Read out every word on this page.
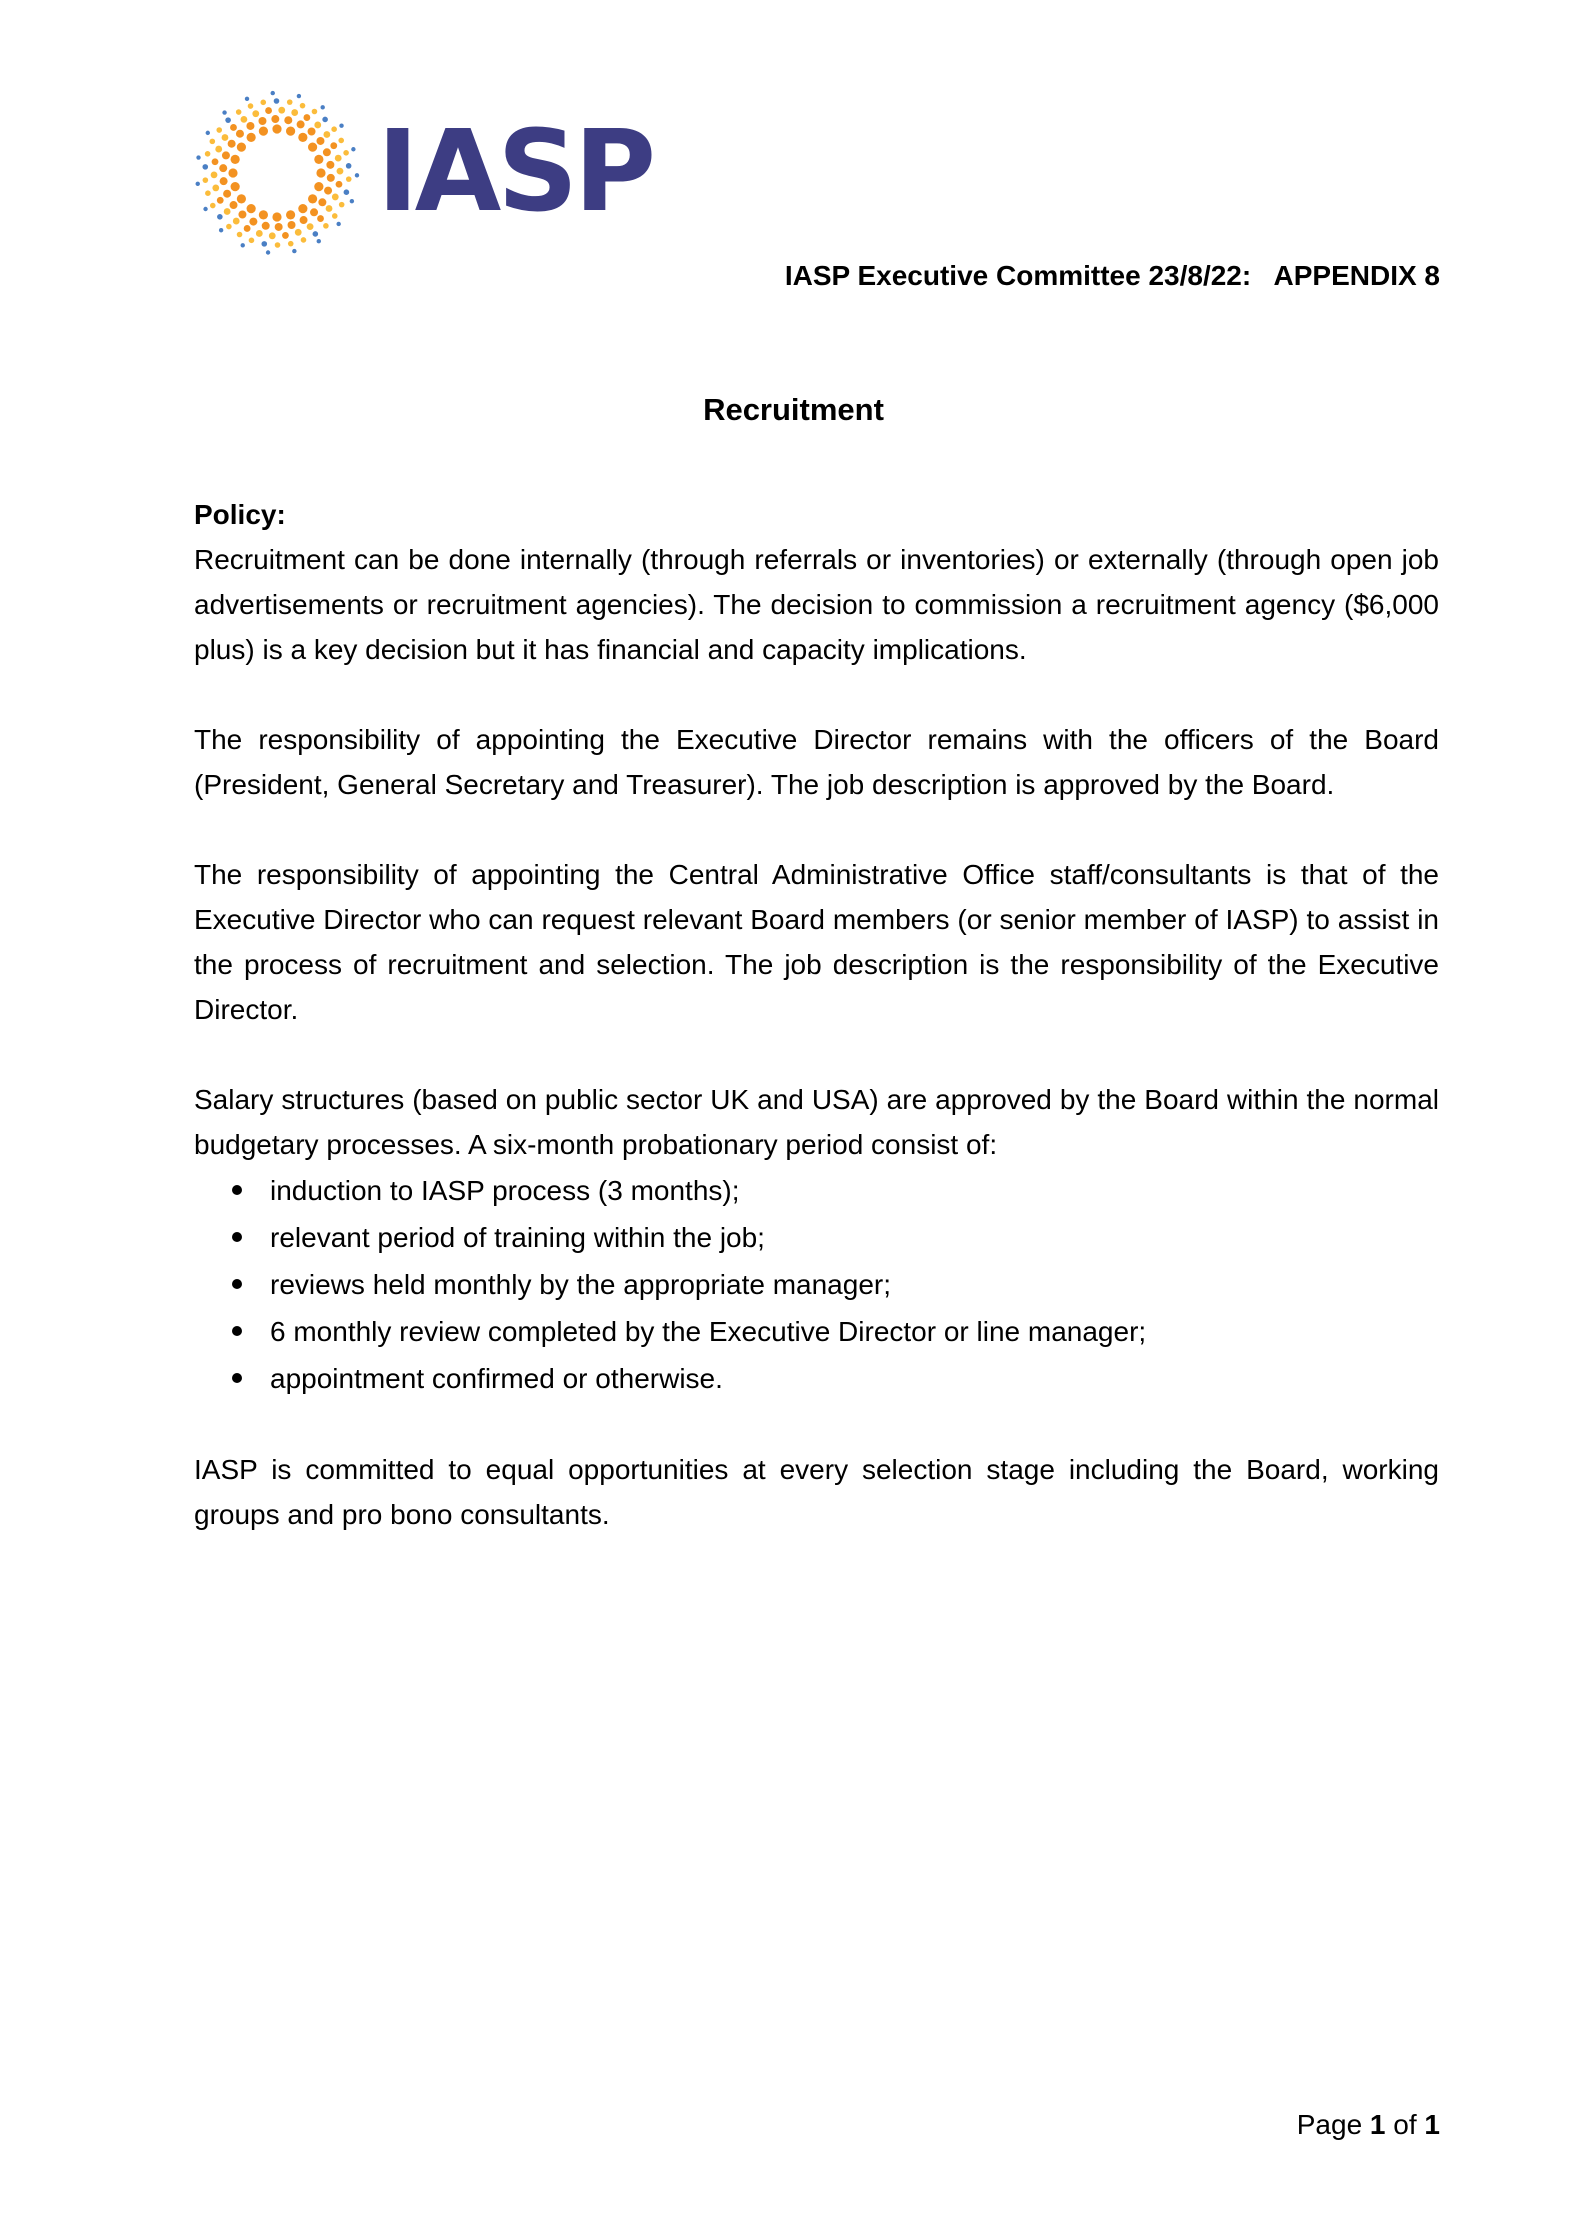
IASP
IASP Executive Committee 23/8/22:   APPENDIX 8
Recruitment

Policy:

Recruitment can be done internally (through referrals or inventories) or externally (through open job advertisements or recruitment agencies). The decision to commission a recruitment agency ($6,000 plus) is a key decision but it has financial and capacity implications.

The responsibility of appointing the Executive Director remains with the officers of the Board (President, General Secretary and Treasurer). The job description is approved by the Board.

The responsibility of appointing the Central Administrative Office staff/consultants is that of the Executive Director who can request relevant Board members (or senior member of IASP) to assist in the process of recruitment and selection. The job description is the responsibility of the Executive Director.

Salary structures (based on public sector UK and USA) are approved by the Board within the normal budgetary processes. A six-month probationary period consist of:

induction to IASP process (3 months);
relevant period of training within the job;
reviews held monthly by the appropriate manager;
6 monthly review completed by the Executive Director or line manager;
appointment confirmed or otherwise.

IASP is committed to equal opportunities at every selection stage including the Board, working groups and pro bono consultants.

Page 1 of 1
